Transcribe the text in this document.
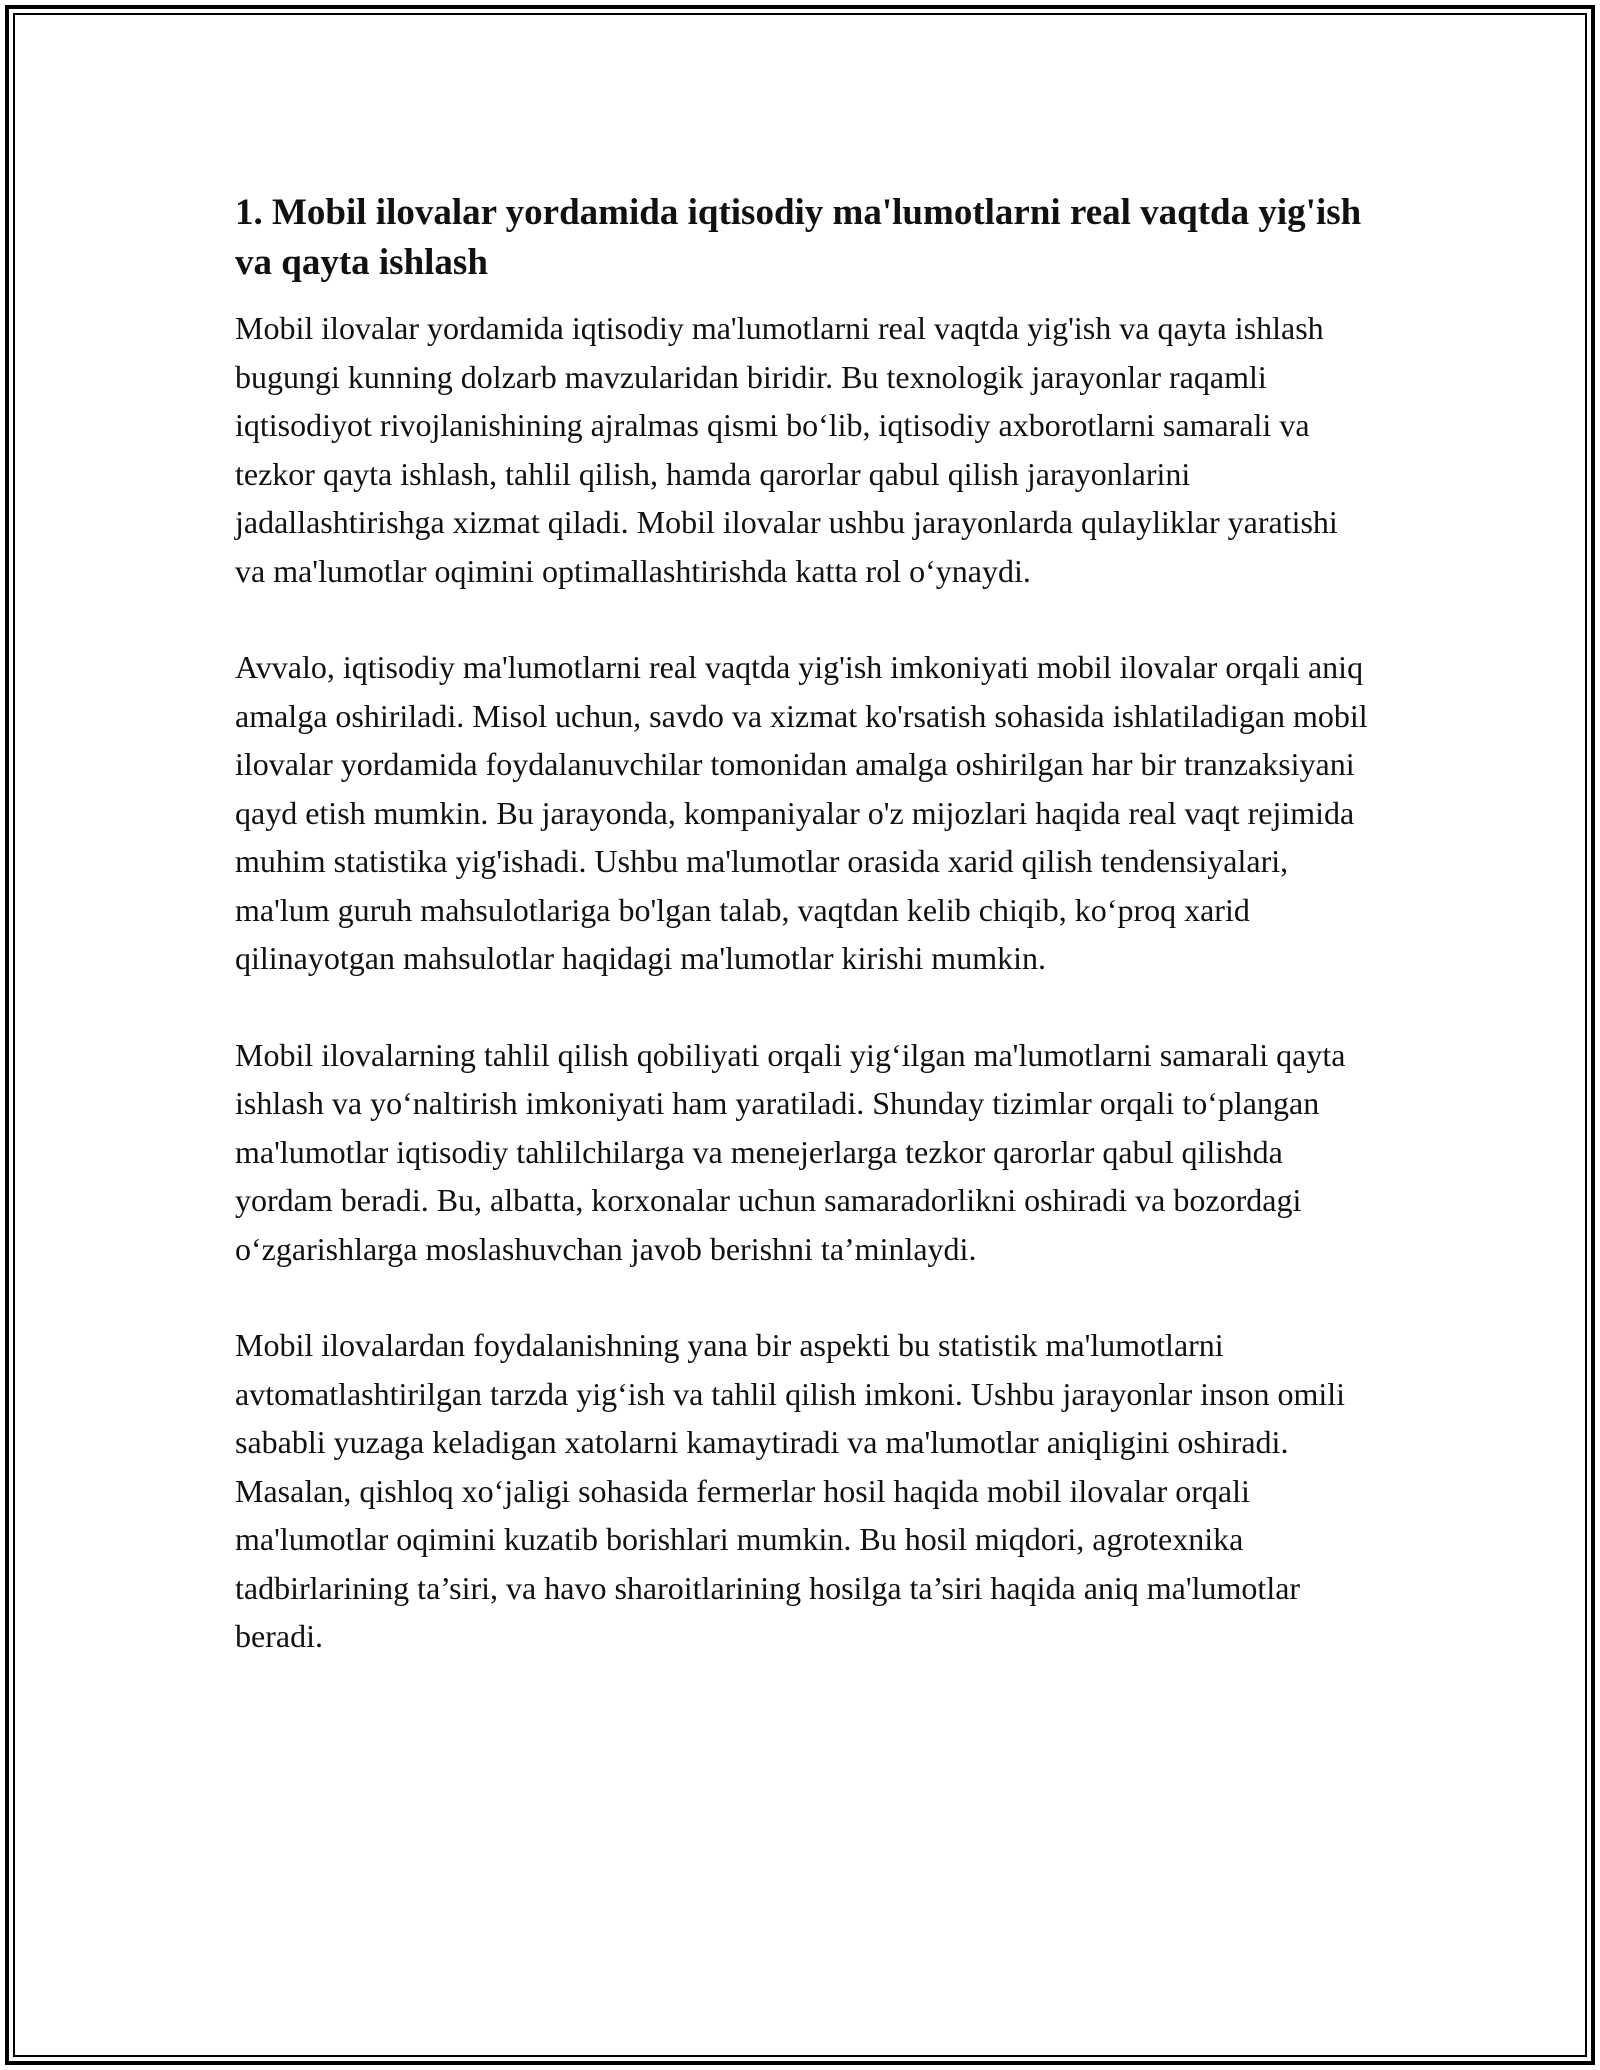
1. Mobil ilovalar yordamida iqtisodiy ma'lumotlarni real vaqtda yig'ish va qayta ishlash

Mobil ilovalar yordamida iqtisodiy ma'lumotlarni real vaqtda yig'ish va qayta ishlash bugungi kunning dolzarb mavzularidan biridir. Bu texnologik jarayonlar raqamli iqtisodiyot rivojlanishining ajralmas qismi bo‘lib, iqtisodiy axborotlarni samarali va tezkor qayta ishlash, tahlil qilish, hamda qarorlar qabul qilish jarayonlarini jadallashtirishga xizmat qiladi. Mobil ilovalar ushbu jarayonlarda qulayliklar yaratishi va ma'lumotlar oqimini optimallashtirishda katta rol o‘ynaydi.

Avvalo, iqtisodiy ma'lumotlarni real vaqtda yig'ish imkoniyati mobil ilovalar orqali aniq amalga oshiriladi. Misol uchun, savdo va xizmat ko'rsatish sohasida ishlatiladigan mobil ilovalar yordamida foydalanuvchilar tomonidan amalga oshirilgan har bir tranzaksiyani qayd etish mumkin. Bu jarayonda, kompaniyalar o'z mijozlari haqida real vaqt rejimida muhim statistika yig'ishadi. Ushbu ma'lumotlar orasida xarid qilish tendensiyalari, ma'lum guruh mahsulotlariga bo'lgan talab, vaqtdan kelib chiqib, ko‘proq xarid qilinayotgan mahsulotlar haqidagi ma'lumotlar kirishi mumkin.

Mobil ilovalarning tahlil qilish qobiliyati orqali yig‘ilgan ma'lumotlarni samarali qayta ishlash va yo‘naltirish imkoniyati ham yaratiladi. Shunday tizimlar orqali to‘plangan ma'lumotlar iqtisodiy tahlilchilarga va menejerlarga tezkor qarorlar qabul qilishda yordam beradi. Bu, albatta, korxonalar uchun samaradorlikni oshiradi va bozordagi o‘zgarishlarga moslashuvchan javob berishni ta’minlaydi.

Mobil ilovalardan foydalanishning yana bir aspekti bu statistik ma'lumotlarni avtomatlashtirilgan tarzda yig‘ish va tahlil qilish imkoni. Ushbu jarayonlar inson omili sababli yuzaga keladigan xatolarni kamaytiradi va ma'lumotlar aniqligini oshiradi. Masalan, qishloq xo‘jaligi sohasida fermerlar hosil haqida mobil ilovalar orqali ma'lumotlar oqimini kuzatib borishlari mumkin. Bu hosil miqdori, agrotexnika tadbirlarining ta’siri, va havo sharoitlarining hosilga ta’siri haqida aniq ma'lumotlar beradi.
